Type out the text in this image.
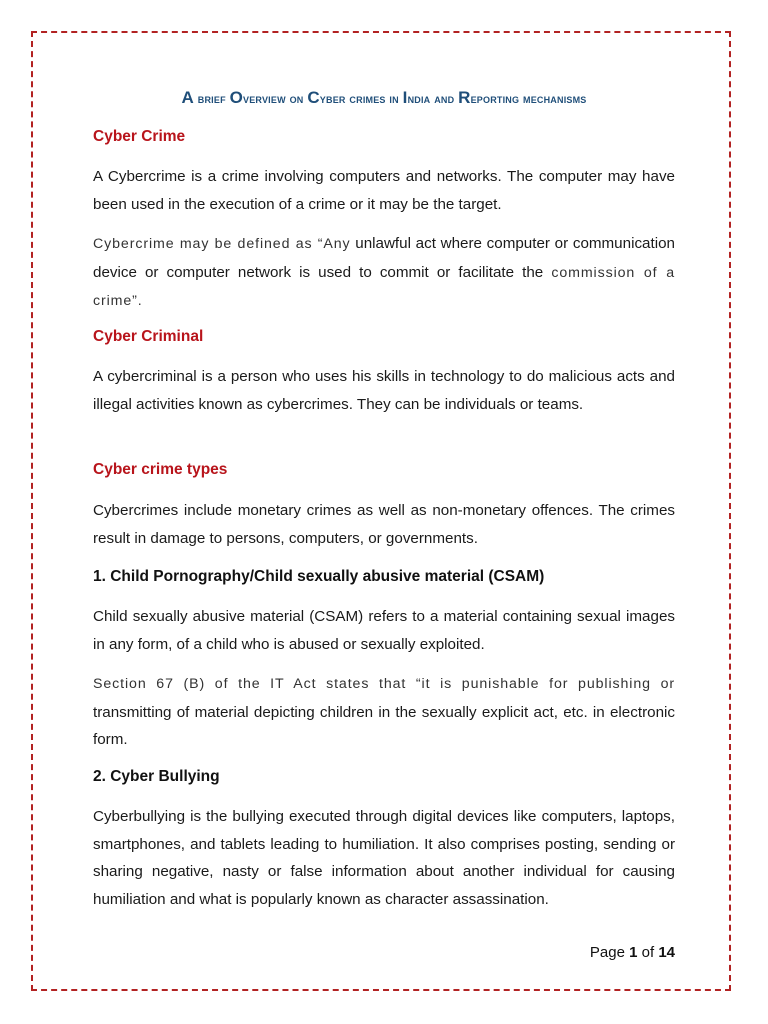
A brief Overview on Cyber crimes in India and Reporting mechanisms
Cyber Crime

A Cybercrime is a crime involving computers and networks. The computer may have been used in the execution of a crime or it may be the target.

Cybercrime may be defined as “Any unlawful act where computer or communication device or computer network is used to commit or facilitate the commission of a crime”.

Cyber Criminal

A cybercriminal is a person who uses his skills in technology to do malicious acts and illegal activities known as cybercrimes. They can be individuals or teams.

Cyber crime types

Cybercrimes include monetary crimes as well as non-monetary offences. The crimes result in damage to persons, computers, or governments.

1. Child Pornography/Child sexually abusive material (CSAM)

Child sexually abusive material (CSAM) refers to a material containing sexual images in any form, of a child who is abused or sexually exploited.

Section 67 (B) of the IT Act states that “it is punishable for publishing or transmitting of material depicting children in the sexually explicit act, etc. in electronic form.

2. Cyber Bullying

Cyberbullying is the bullying executed through digital devices like computers, laptops, smartphones, and tablets leading to humiliation. It also comprises posting, sending or sharing negative, nasty or false information about another individual for causing humiliation and what is popularly known as character assassination.

Page 1 of 14
